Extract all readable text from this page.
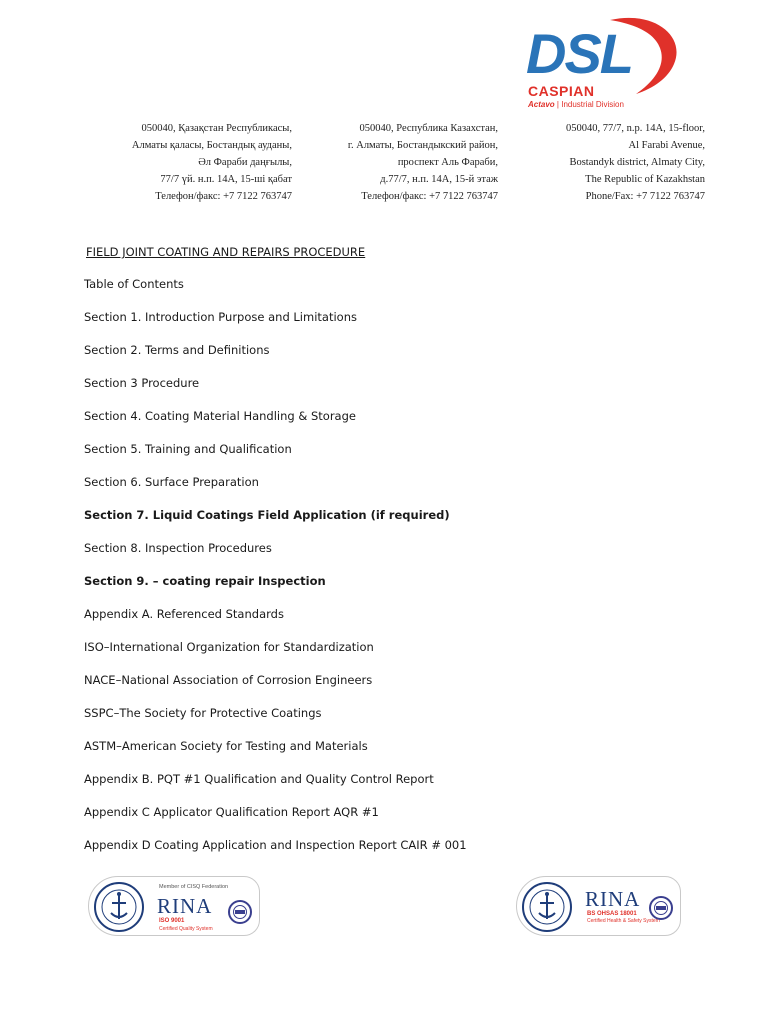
DSL
CASPIAN
Actavo | Industrial Division
050040, Қазақстан Республикасы,
Алматы қаласы, Бостандық ауданы,
Әл Фараби даңғылы,
77/7 үй. н.п. 14А, 15-ші қабат
Телефон/факс: +7 7122 763747
050040, Республика Казахстан,
г. Алматы, Бостандыкский район,
проспект Аль Фараби,
д.77/7, н.п. 14А, 15-й этаж
Телефон/факс: +7 7122 763747
050040, 77/7, n.p. 14A, 15-floor,
Al Farabi Avenue,
Bostandyk district, Almaty City,
The Republic of Kazakhstan
Phone/Fax: +7 7122 763747
FIELD JOINT COATING AND REPAIRS PROCEDURE
Table of Contents
Section 1. Introduction Purpose and Limitations
Section 2. Terms and Definitions
Section 3 Procedure
Section 4. Coating Material Handling & Storage
Section 5. Training and Qualification
Section 6. Surface Preparation
Section 7. Liquid Coatings Field Application (if required)
Section 8. Inspection Procedures
Section 9. – coating repair Inspection
Appendix A. Referenced Standards
ISO–International Organization for Standardization
NACE–National Association of Corrosion Engineers
SSPC–The Society for Protective Coatings
ASTM–American Society for Testing and Materials
Appendix B. PQT #1 Qualification and Quality Control Report
Appendix C Applicator Qualification Report AQR #1
Appendix D Coating Application and Inspection Report CAIR # 001
Member of CISQ Federation
RINA
ISO 9001
Certified Quality System
RINA
BS OHSAS 18001
Certified Health & Safety System
